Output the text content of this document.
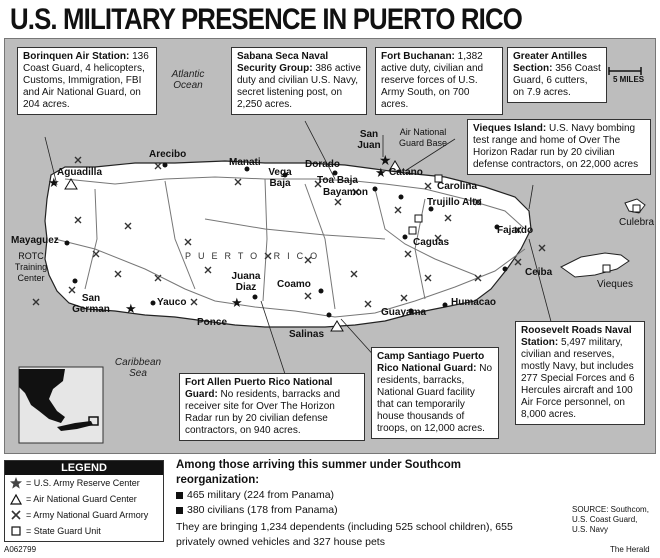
U.S. MILITARY PRESENCE IN PUERTO RICO
★
★
★
★
★
Atlantic Ocean
Caribbean Sea
PUERTO RICO
5 MILES
Aguadilla
Arecibo
Manati
Vega Baja
Dorado
Toa Baja
Bayamon
San Juan
Catano
Carolina
Trujillo Alto
Fajardo
Caguas
Ceiba
Humacao
Mayaguez
ROTC Training Center
San German
Yauco
Ponce
Juana Diaz	Coamo
Salinas
Guayama
Culebra
Vieques
Air National Guard Base
Borinquen Air Station: 136 Coast Guard, 4 helicopters, Customs, Immigration, FBI and Air National Guard, on 204 acres.
Sabana Seca Naval Security Group: 386 active duty and civilian U.S. Navy, secret listening post, on 2,250 acres.
Fort Buchanan: 1,382 active duty, civilian and reserve forces of U.S. Army South, on 700 acres.
Greater Antilles Section: 356 Coast Guard, 6 cutters, on 7.9 acres.
Vieques Island: U.S. Navy bombing test range and home of Over The Horizon Radar run by 20 civilian defense contractors, on 22,000 acres
Fort Allen Puerto Rico National Guard: No residents, barracks and receiver site for Over The Horizon Radar run by 20 civilian defense contractors, on 940 acres.
Camp Santiago Puerto Rico National Guard: No residents, barracks, National Guard facility that can temporarily house thousands of troops, on 12,000 acres.
Roosevelt Roads Naval Station: 5,497 military, civilian and reserves, mostly Navy, but includes 277 Special Forces and 6 Hercules aircraft and 100 Air Force personnel, on 8,000 acres.
LEGEND
= U.S. Army Reserve Center
= Air National Guard Center
= Army National Guard Armory
= State Guard Unit
Among those arriving this summer under Southcom reorganization:
465 military (224 from Panama)
380 civilians (178 from Panama)
They are bringing 1,234 dependents (including 525 school children), 655 privately owned vehicles and 327 house pets
SOURCE: Southcom,
U.S. Coast Guard,
U.S. Navy
A062799	The Herald
